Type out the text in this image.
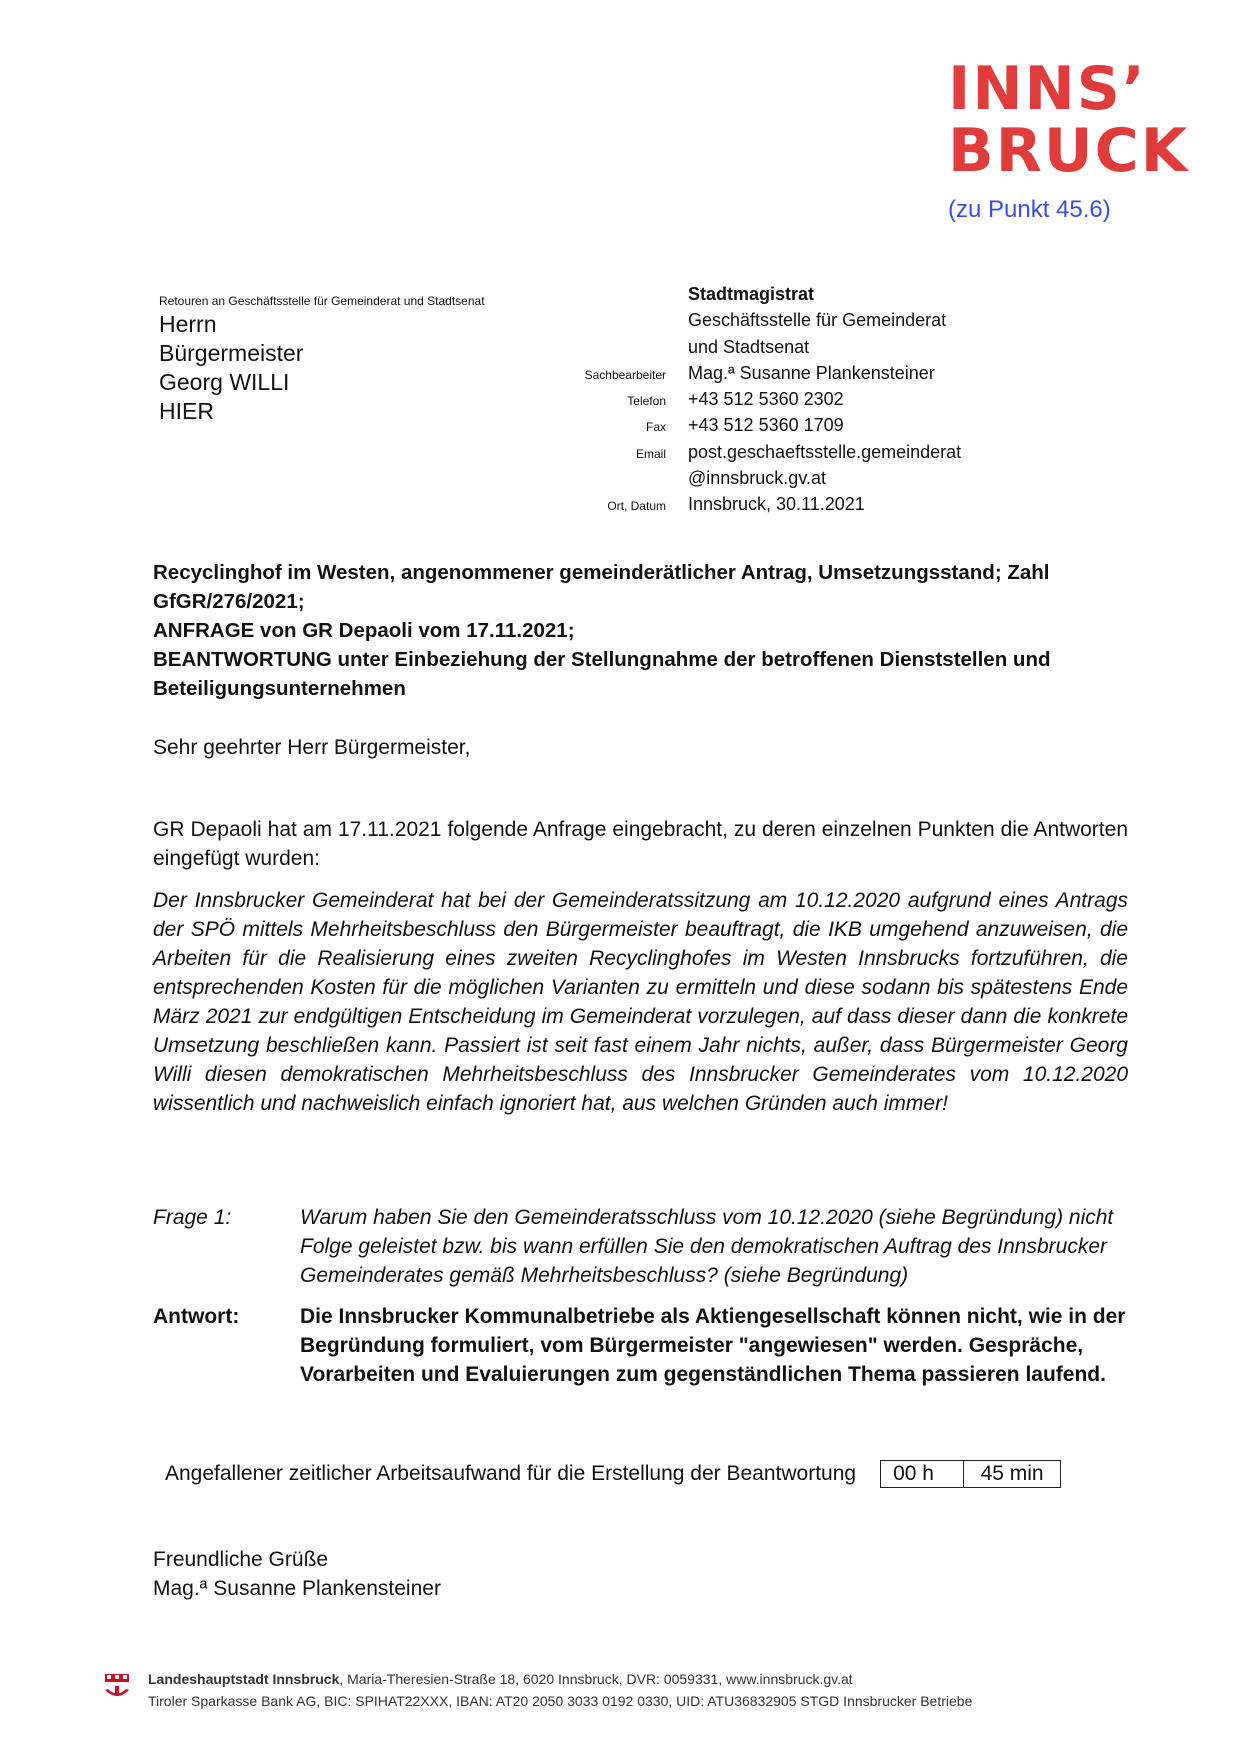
INNS’
BRUCK
(zu Punkt 45.6)
Retouren an Geschäftsstelle für Gemeinderat und Stadtsenat
Herrn
Bürgermeister
Georg WILLI
HIER
Stadtmagistrat
Geschäftsstelle für Gemeinderat
und Stadtsenat
Sachbearbeiter	Mag.ª Susanne Plankensteiner
Telefon	+43 512 5360 2302
Fax	+43 512 5360 1709
Email	post.geschaeftsstelle.gemeinderat
@innsbruck.gv.at
Ort, Datum	Innsbruck, 30.11.2021
Recyclinghof im Westen, angenommener gemeinderätlicher Antrag, Umsetzungsstand; Zahl GfGR/276/2021;
ANFRAGE von GR Depaoli vom 17.11.2021;
BEANTWORTUNG unter Einbeziehung der Stellungnahme der betroffenen Dienststellen und Beteiligungsunternehmen
Sehr geehrter Herr Bürgermeister,
GR Depaoli hat am 17.11.2021 folgende Anfrage eingebracht, zu deren einzelnen Punkten die Antworten eingefügt wurden:
Der Innsbrucker Gemeinderat hat bei der Gemeinderatssitzung am 10.12.2020 aufgrund eines Antrags der SPÖ mittels Mehrheitsbeschluss den Bürgermeister beauftragt, die IKB umgehend anzuweisen, die Arbeiten für die Realisierung eines zweiten Recyclinghofes im Westen Innsbrucks fortzuführen, die entsprechenden Kosten für die möglichen Varianten zu ermitteln und diese sodann bis spätestens Ende März 2021 zur endgültigen Entscheidung im Gemeinderat vorzulegen, auf dass dieser dann die konkrete Umsetzung beschließen kann. Passiert ist seit fast einem Jahr nichts, außer, dass Bürgermeister Georg Willi diesen demokratischen Mehrheitsbeschluss des Innsbrucker Gemeinderates vom 10.12.2020 wissentlich und nachweislich einfach ignoriert hat, aus welchen Gründen auch immer!
Frage 1:	Warum haben Sie den Gemeinderatsschluss vom 10.12.2020 (siehe Begründung) nicht Folge geleistet bzw. bis wann erfüllen Sie den demokratischen Auftrag des Innsbrucker Gemeinderates gemäß Mehrheitsbeschluss? (siehe Begründung)
Antwort:	Die Innsbrucker Kommunalbetriebe als Aktiengesellschaft können nicht, wie in der Begründung formuliert, vom Bürgermeister "angewiesen" werden. Gespräche, Vorarbeiten und Evaluierungen zum gegenständlichen Thema passieren laufend.
Angefallener zeitlicher Arbeitsaufwand für die Erstellung der Beantwortung	00 h	45 min
Freundliche Grüße
Mag.ª Susanne Plankensteiner
Landeshauptstadt Innsbruck, Maria-Theresien-Straße 18, 6020 Innsbruck, DVR: 0059331, www.innsbruck.gv.at
Tiroler Sparkasse Bank AG, BIC: SPIHAT22XXX, IBAN: AT20 2050 3033 0192 0330, UID: ATU36832905 STGD Innsbrucker Betriebe
